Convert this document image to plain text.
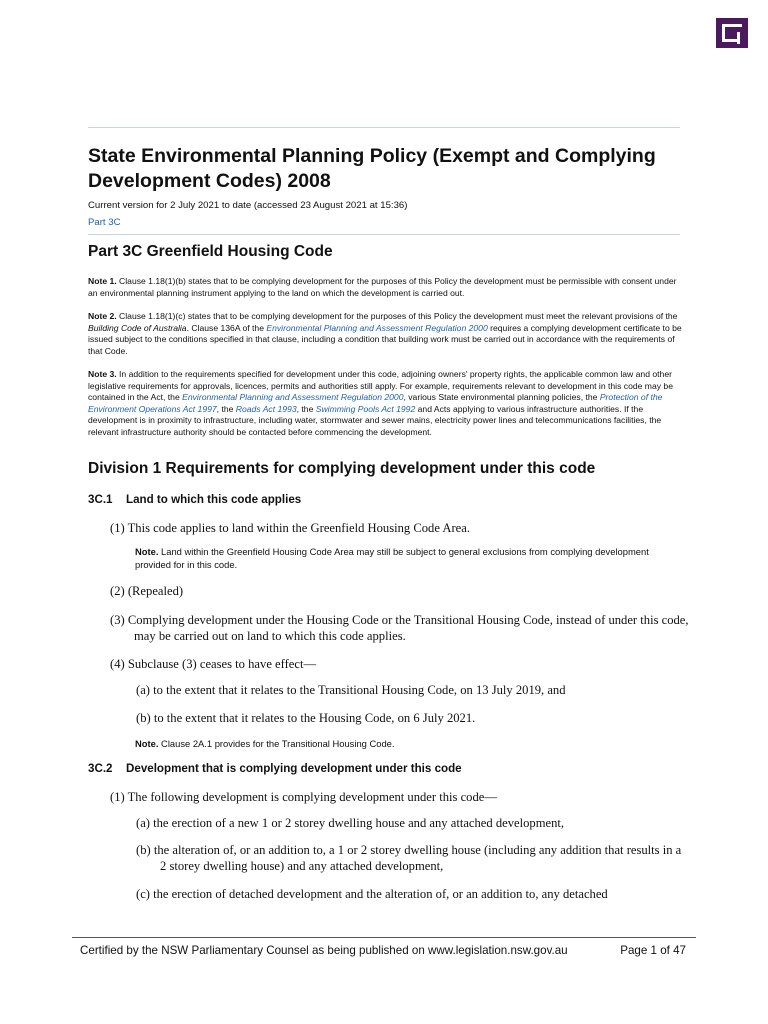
State Environmental Planning Policy (Exempt and Complying Development Codes) 2008
Current version for 2 July 2021 to date (accessed 23 August 2021 at 15:36)
Part 3C
Part 3C Greenfield Housing Code
Note 1. Clause 1.18(1)(b) states that to be complying development for the purposes of this Policy the development must be permissible with consent under an environmental planning instrument applying to the land on which the development is carried out.
Note 2. Clause 1.18(1)(c) states that to be complying development for the purposes of this Policy the development must meet the relevant provisions of the Building Code of Australia. Clause 136A of the Environmental Planning and Assessment Regulation 2000 requires a complying development certificate to be issued subject to the conditions specified in that clause, including a condition that building work must be carried out in accordance with the requirements of that Code.
Note 3. In addition to the requirements specified for development under this code, adjoining owners' property rights, the applicable common law and other legislative requirements for approvals, licences, permits and authorities still apply. For example, requirements relevant to development in this code may be contained in the Act, the Environmental Planning and Assessment Regulation 2000, various State environmental planning policies, the Protection of the Environment Operations Act 1997, the Roads Act 1993, the Swimming Pools Act 1992 and Acts applying to various infrastructure authorities. If the development is in proximity to infrastructure, including water, stormwater and sewer mains, electricity power lines and telecommunications facilities, the relevant infrastructure authority should be contacted before commencing the development.
Division 1 Requirements for complying development under this code
3C.1 Land to which this code applies
(1) This code applies to land within the Greenfield Housing Code Area.
Note. Land within the Greenfield Housing Code Area may still be subject to general exclusions from complying development provided for in this code.
(2) (Repealed)
(3) Complying development under the Housing Code or the Transitional Housing Code, instead of under this code, may be carried out on land to which this code applies.
(4) Subclause (3) ceases to have effect—
(a) to the extent that it relates to the Transitional Housing Code, on 13 July 2019, and
(b) to the extent that it relates to the Housing Code, on 6 July 2021.
Note. Clause 2A.1 provides for the Transitional Housing Code.
3C.2 Development that is complying development under this code
(1) The following development is complying development under this code—
(a) the erection of a new 1 or 2 storey dwelling house and any attached development,
(b) the alteration of, or an addition to, a 1 or 2 storey dwelling house (including any addition that results in a 2 storey dwelling house) and any attached development,
(c) the erection of detached development and the alteration of, or an addition to, any detached
Certified by the NSW Parliamentary Counsel as being published on www.legislation.nsw.gov.au	Page 1 of 47
